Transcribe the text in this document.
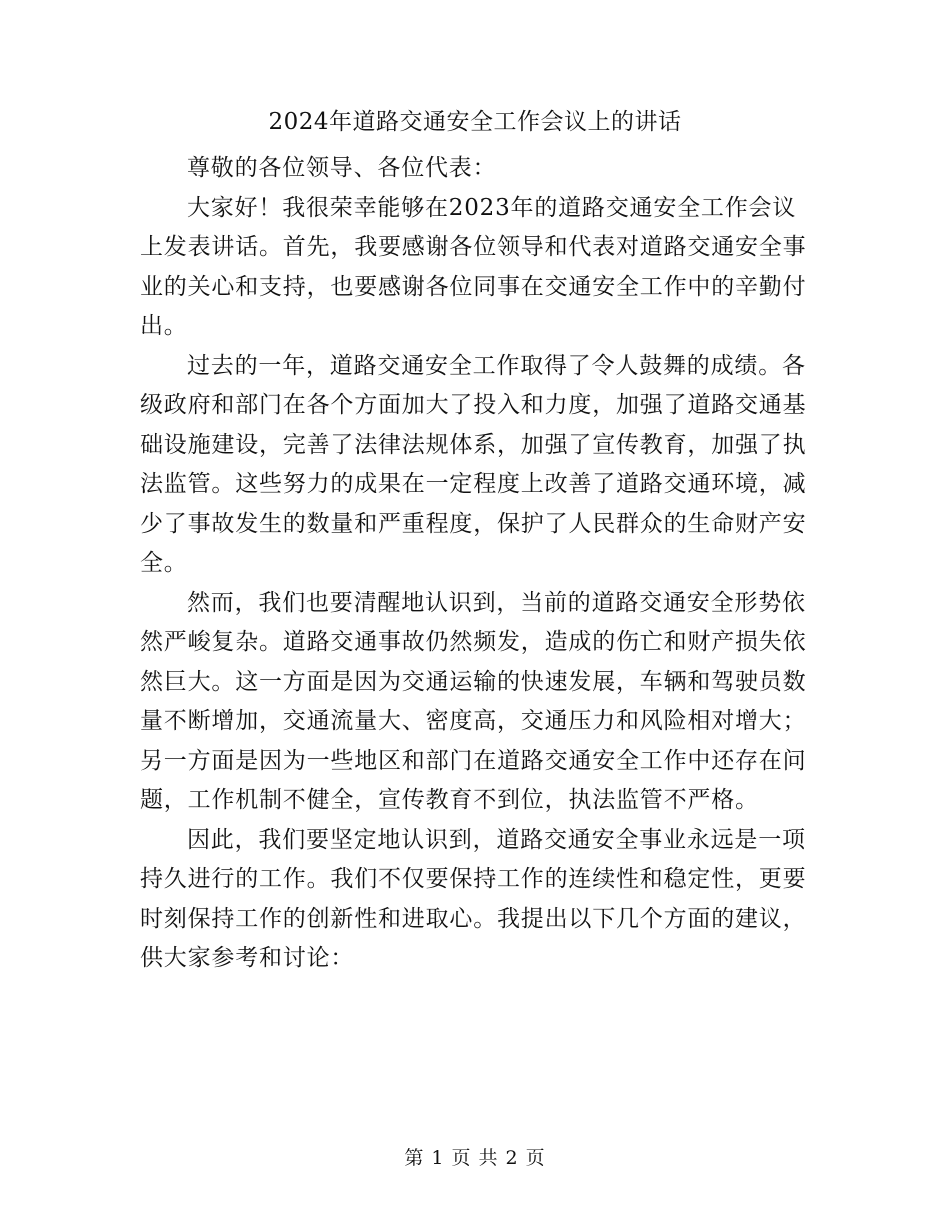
2024年道路交通安全工作会议上的讲话

尊敬的各位领导、各位代表：

大家好！我很荣幸能够在2023年的道路交通安全工作会议上发表讲话。首先，我要感谢各位领导和代表对道路交通安全事业的关心和支持，也要感谢各位同事在交通安全工作中的辛勤付出。

过去的一年，道路交通安全工作取得了令人鼓舞的成绩。各级政府和部门在各个方面加大了投入和力度，加强了道路交通基础设施建设，完善了法律法规体系，加强了宣传教育，加强了执法监管。这些努力的成果在一定程度上改善了道路交通环境，减少了事故发生的数量和严重程度，保护了人民群众的生命财产安全。

然而，我们也要清醒地认识到，当前的道路交通安全形势依然严峻复杂。道路交通事故仍然频发，造成的伤亡和财产损失依然巨大。这一方面是因为交通运输的快速发展，车辆和驾驶员数量不断增加，交通流量大、密度高，交通压力和风险相对增大；另一方面是因为一些地区和部门在道路交通安全工作中还存在问题，工作机制不健全，宣传教育不到位，执法监管不严格。

因此，我们要坚定地认识到，道路交通安全事业永远是一项持久进行的工作。我们不仅要保持工作的连续性和稳定性，更要时刻保持工作的创新性和进取心。我提出以下几个方面的建议，供大家参考和讨论：

第 1 页 共 2 页
